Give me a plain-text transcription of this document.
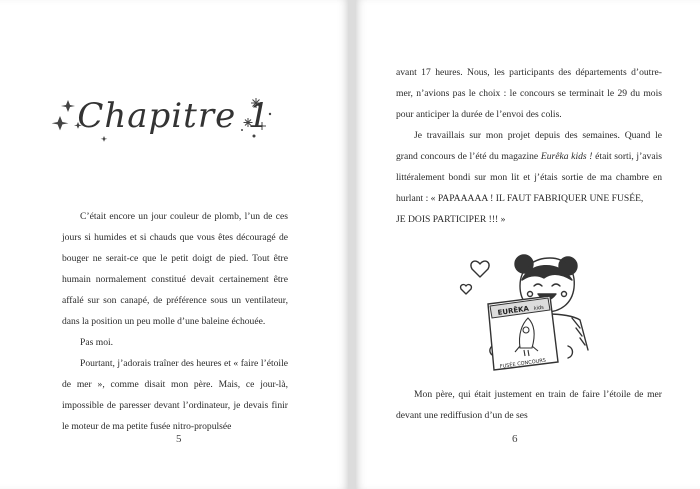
Chapitre 1

C’était encore un jour couleur de plomb, l’un de ces jours si humides et si chauds que vous êtes découragé de bouger ne serait-ce que le petit doigt de pied. Tout être humain normalement constitué devait certainement être affalé sur son canapé, de préférence sous un ventilateur, dans la position un peu molle d’une baleine échouée.

Pas moi.

Pourtant, j’adorais traîner des heures et « faire l’étoile de mer », comme disait mon père. Mais, ce jour-là, impossible de paresser devant l’ordinateur, je devais finir le moteur de ma petite fusée nitro-propulsée

5

avant 17 heures. Nous, les participants des départements d’outre-mer, n’avions pas le choix : le concours se terminait le 29 du mois pour anticiper la durée de l’envoi des colis.

Je travaillais sur mon projet depuis des semaines. Quand le grand concours de l’été du magazine Eurêka kids ! était sorti, j’avais littéralement bondi sur mon lit et j’étais sortie de ma chambre en hurlant : « PAPAAAAA ! IL FAUT FABRIQUER UNE FUSÉE,

JE DOIS PARTICIPER !!! »

EURÊKA kids
FUSÉE CONCOURS

Mon père, qui était justement en train de faire l’étoile de mer devant une rediffusion d’un de ses

6
